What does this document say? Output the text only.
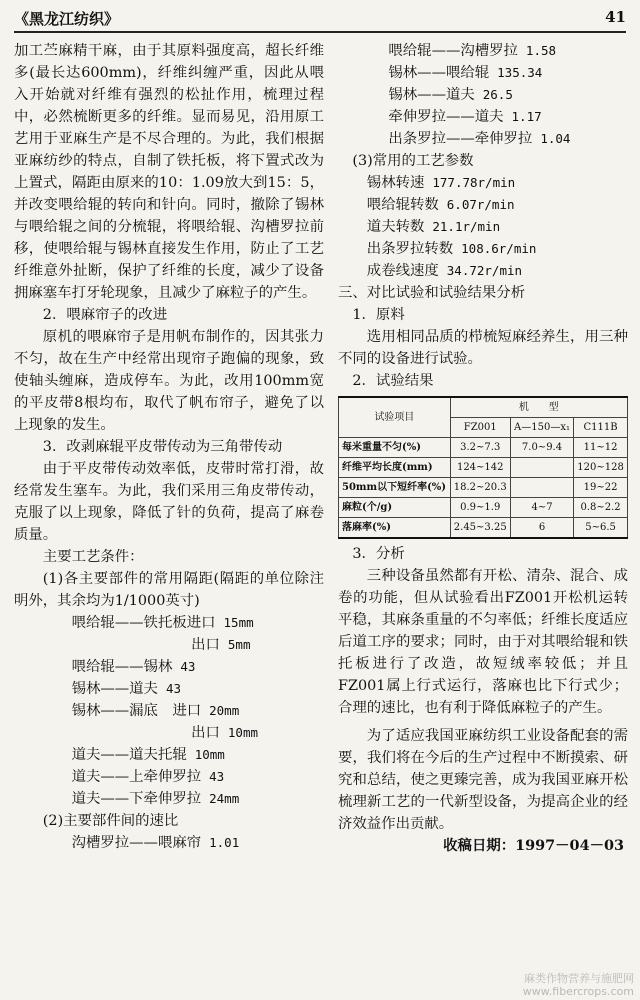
《黑龙江纺织》	41

加工苎麻精干麻，由于其原料强度高，超长纤维多(最长达600mm)，纤维纠缠严重，因此从喂入开始就对纤维有强烈的松扯作用，梳理过程中，必然梳断更多的纤维。显而易见，沿用原工艺用于亚麻生产是不尽合理的。为此，我们根据亚麻纺纱的特点，自制了铁托板，将下置式改为上置式，隔距由原来的10：1.09放大到15：5，并改变喂给辊的转向和针向。同时，撤除了锡林与喂给辊之间的分梳辊，将喂给辊、沟槽罗拉前移，使喂给辊与锡林直接发生作用，防止了工艺纤维意外扯断，保护了纤维的长度，减少了设备拥麻塞车打牙轮现象，且减少了麻粒子的产生。

2．喂麻帘子的改进

原机的喂麻帘子是用帆布制作的，因其张力不匀，故在生产中经常出现帘子跑偏的现象，致使轴头缠麻，造成停车。为此，改用100mm宽的平皮带8根均布，取代了帆布帘子，避免了以上现象的发生。

3．改剥麻辊平皮带传动为三角带传动

由于平皮带传动效率低，皮带时常打滑，故经常发生塞车。为此，我们采用三角皮带传动，克服了以上现象，降低了针的负荷，提高了麻卷质量。

主要工艺条件：

(1)各主要部件的常用隔距(隔距的单位除注明外，其余均为1/1000英寸)

喂给辊——铁托板进口 15mm
出口 5mm
喂给辊——锡林 43
锡林——道夫 43
锡林——漏底　进口 20mm
出口 10mm
道夫——道夫托辊 10mm
道夫——上牵伸罗拉 43
道夫——下牵伸罗拉 24mm
(2)主要部件间的速比
沟槽罗拉——喂麻帘 1.01
喂给辊——沟槽罗拉 1.58
锡林——喂给辊 135.34
锡林——道夫 26.5
牵伸罗拉——道夫 1.17
出条罗拉——牵伸罗拉 1.04
(3)常用的工艺参数
锡林转速 177.78r/min
喂给辊转数 6.07r/min
道夫转数 21.1r/min
出条罗拉转数 108.6r/min
成卷线速度 34.72r/min
三、对比试验和试验结果分析
1．原料

选用相同品质的栉梳短麻经养生，用三种不同的设备进行试验。

2．试验结果
试验项目	机　　型		
	FZ001	A—150—x₁	C111B
每米重量不匀(%)	3.2~7.3	7.0~9.4	11~12
纤维平均长度(mm)	124~142		120~128
50mm以下短纤率(%)	18.2~20.3		19~22
麻粒(个/g)	0.9~1.9	4~7	0.8~2.2
落麻率(%)	2.45~3.25	6	5~6.5
3．分析

三种设备虽然都有开松、清杂、混合、成卷的功能，但从试验看出FZ001开松机运转平稳，其麻条重量的不匀率低；纤维长度适应后道工序的要求；同时，由于对其喂给辊和铁托板进行了改造，故短绒率较低；并且FZ001属上行式运行，落麻也比下行式少；合理的速比，也有利于降低麻粒子的产生。

为了适应我国亚麻纺织工业设备配套的需要，我们将在今后的生产过程中不断摸索、研究和总结，使之更臻完善，成为我国亚麻开松梳理新工艺的一代新型设备，为提高企业的经济效益作出贡献。

收稿日期：1997－04－03
麻类作物营养与施肥网
www.fibercrops.com
